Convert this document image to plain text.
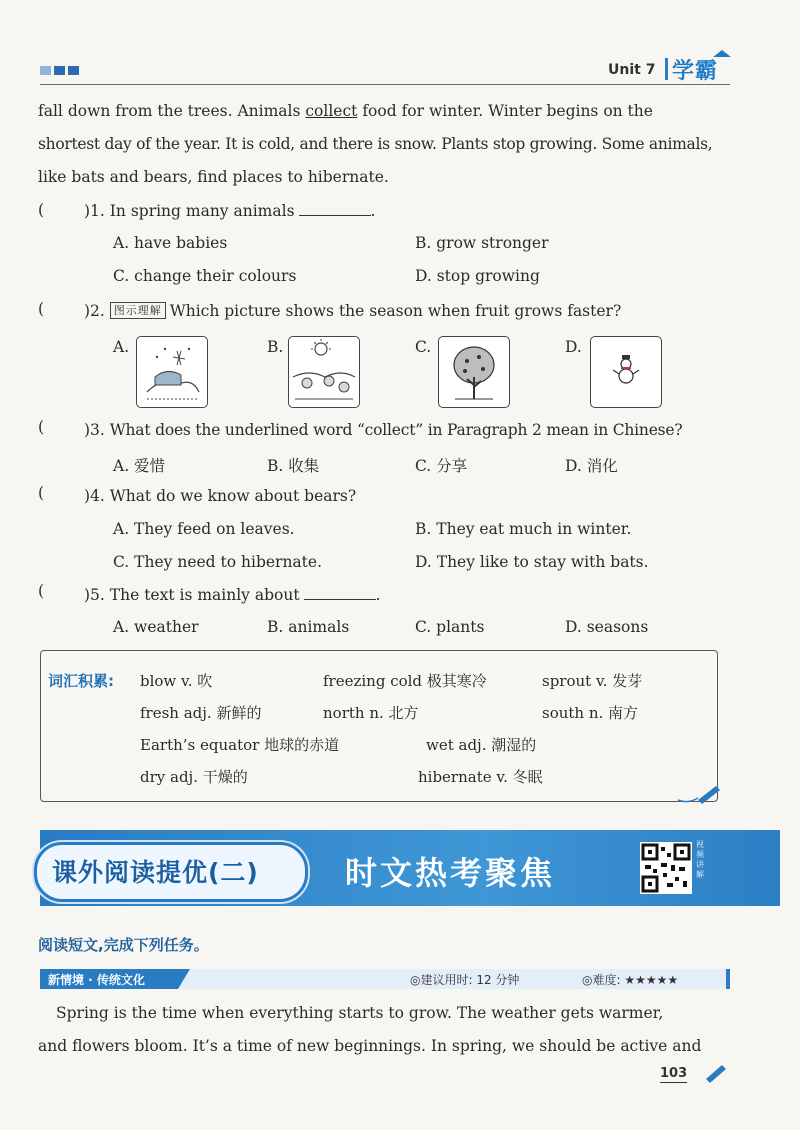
Unit 7 学霸
fall down from the trees. Animals collect food for winter. Winter begins on the
shortest day of the year. It is cold, and there is snow. Plants stop growing. Some animals,
like bats and bears, find places to hibernate.
(	)1. In spring many animals	.
A. have babies	B. grow stronger
C. change their colours	D. stop growing
(	)2. 图示理解 Which picture shows the season when fruit grows faster?
A.	B.	C.	D.
(	)3. What does the underlined word “collect” in Paragraph 2 mean in Chinese?
A. 爱惜	B. 收集	C. 分享	D. 消化
(	)4. What do we know about bears?
A. They feed on leaves.	B. They eat much in winter.
C. They need to hibernate.	D. They like to stay with bats.
(	)5. The text is mainly about	.
A. weather	B. animals	C. plants	D. seasons
词汇积累: blow v. 吹	freezing cold 极其寒冷	sprout v. 发芽
fresh adj. 新鲜的	north n. 北方	south n. 南方
Earth’s equator 地球的赤道	wet adj. 潮湿的
dry adj. 干燥的	hibernate v. 冬眠
课外阅读提优(二)	时文热考聚焦
视频讲解
阅读短文,完成下列任务。
新情境 · 传统文化	◎建议用时: 12 分钟	◎难度: ★★★★★
Spring is the time when everything starts to grow. The weather gets warmer,
and flowers bloom. It’s a time of new beginnings. In spring, we should be active and
103
